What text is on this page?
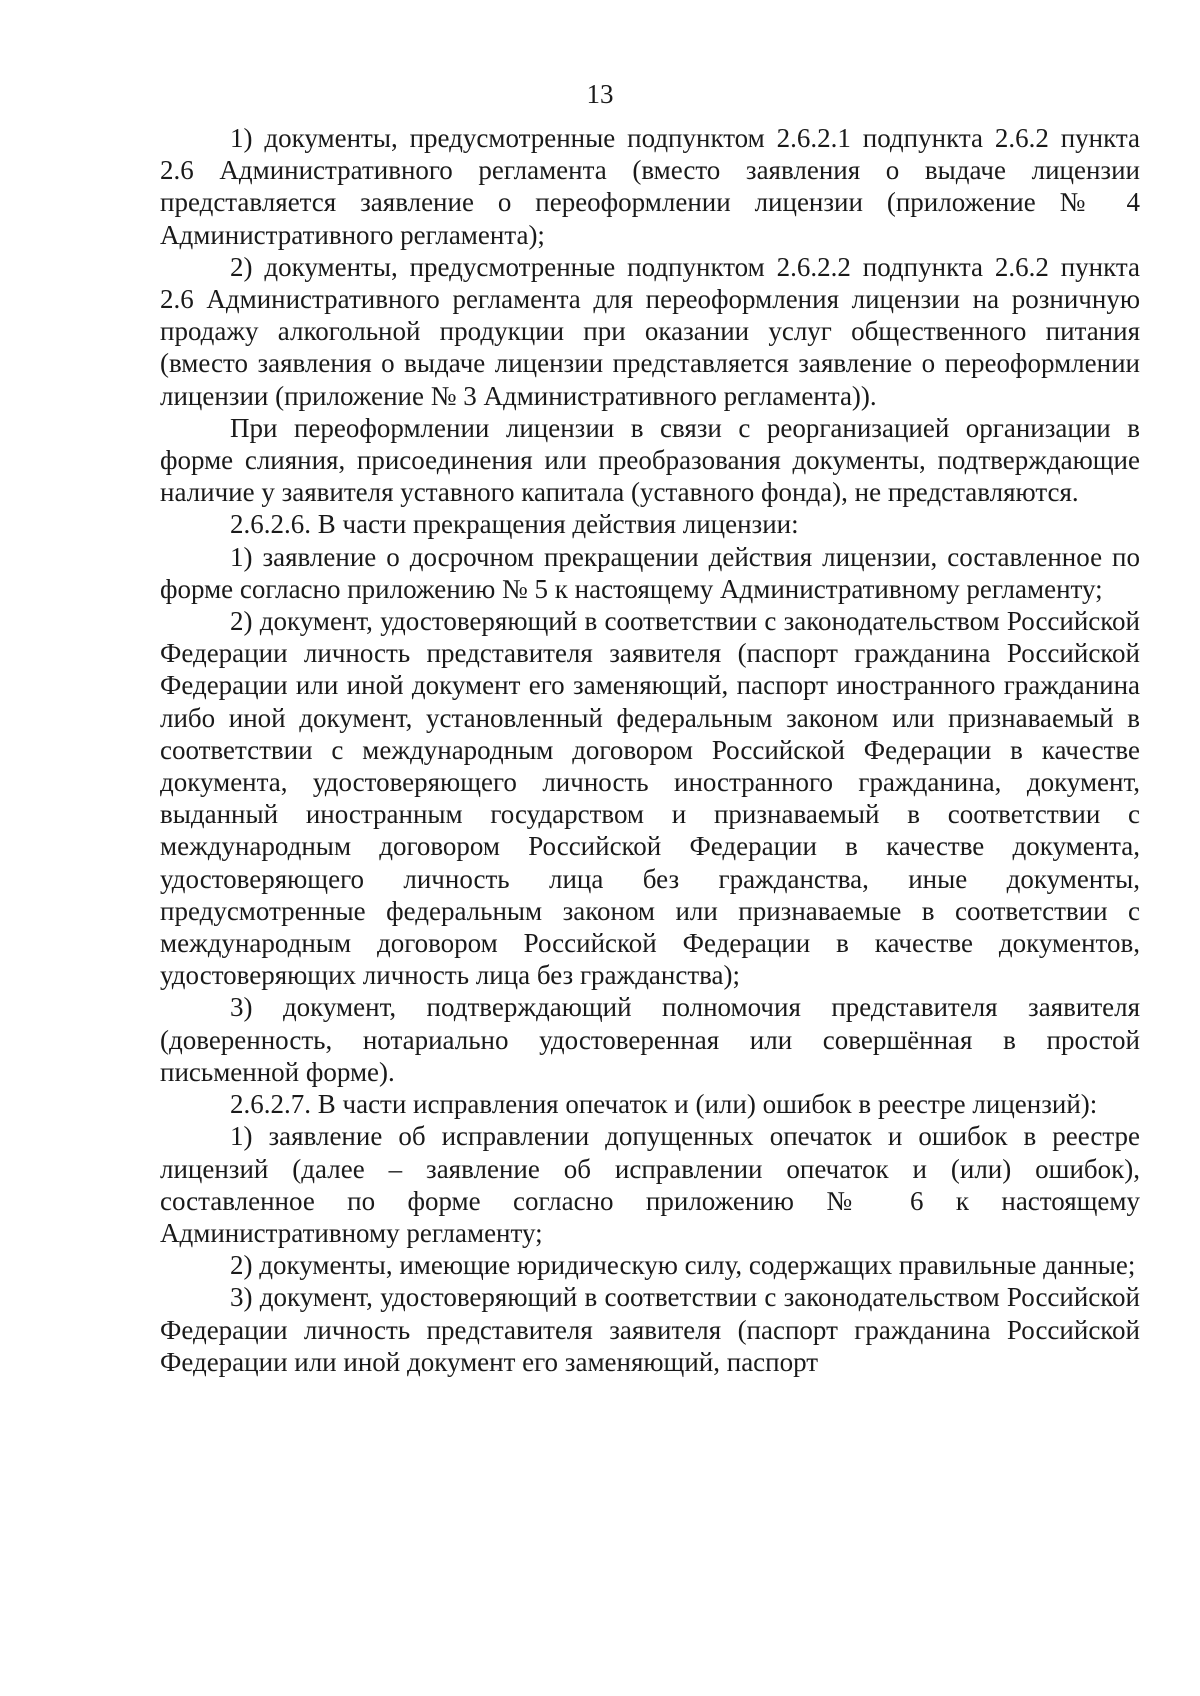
13

1) документы, предусмотренные подпунктом 2.6.2.1 подпункта 2.6.2 пункта 2.6 Административного регламента (вместо заявления о выдаче лицензии представляется заявление о переоформлении лицензии (приложение № 4 Административного регламента);

2) документы, предусмотренные подпунктом 2.6.2.2 подпункта 2.6.2 пункта 2.6 Административного регламента для переоформления лицензии на розничную продажу алкогольной продукции при оказании услуг общественного питания (вместо заявления о выдаче лицензии представляется заявление о переоформлении лицензии (приложение № 3 Административного регламента)).

При переоформлении лицензии в связи с реорганизацией организации в форме слияния, присоединения или преобразования документы, подтверждающие наличие у заявителя уставного капитала (уставного фонда), не представляются.

2.6.2.6. В части прекращения действия лицензии:

1) заявление о досрочном прекращении действия лицензии, составленное по форме согласно приложению № 5 к настоящему Административному регламенту;

2) документ, удостоверяющий в соответствии с законодательством Российской Федерации личность представителя заявителя (паспорт гражданина Российской Федерации или иной документ его заменяющий, паспорт иностранного гражданина либо иной документ, установленный федеральным законом или признаваемый в соответствии с международным договором Российской Федерации в качестве документа, удостоверяющего личность иностранного гражданина, документ, выданный иностранным государством и признаваемый в соответствии с международным договором Российской Федерации в качестве документа, удостоверяющего личность лица без гражданства, иные документы, предусмотренные федеральным законом или признаваемые в соответствии с международным договором Российской Федерации в качестве документов, удостоверяющих личность лица без гражданства);

3) документ, подтверждающий полномочия представителя заявителя (доверенность, нотариально удостоверенная или совершённая в простой письменной форме).

2.6.2.7. В части исправления опечаток и (или) ошибок в реестре лицензий):

1) заявление об исправлении допущенных опечаток и ошибок в реестре лицензий (далее – заявление об исправлении опечаток и (или) ошибок), составленное по форме согласно приложению № 6 к настоящему Административному регламенту;

2) документы, имеющие юридическую силу, содержащих правильные данные;

3) документ, удостоверяющий в соответствии с законодательством Российской Федерации личность представителя заявителя (паспорт гражданина Российской Федерации или иной документ его заменяющий, паспорт
